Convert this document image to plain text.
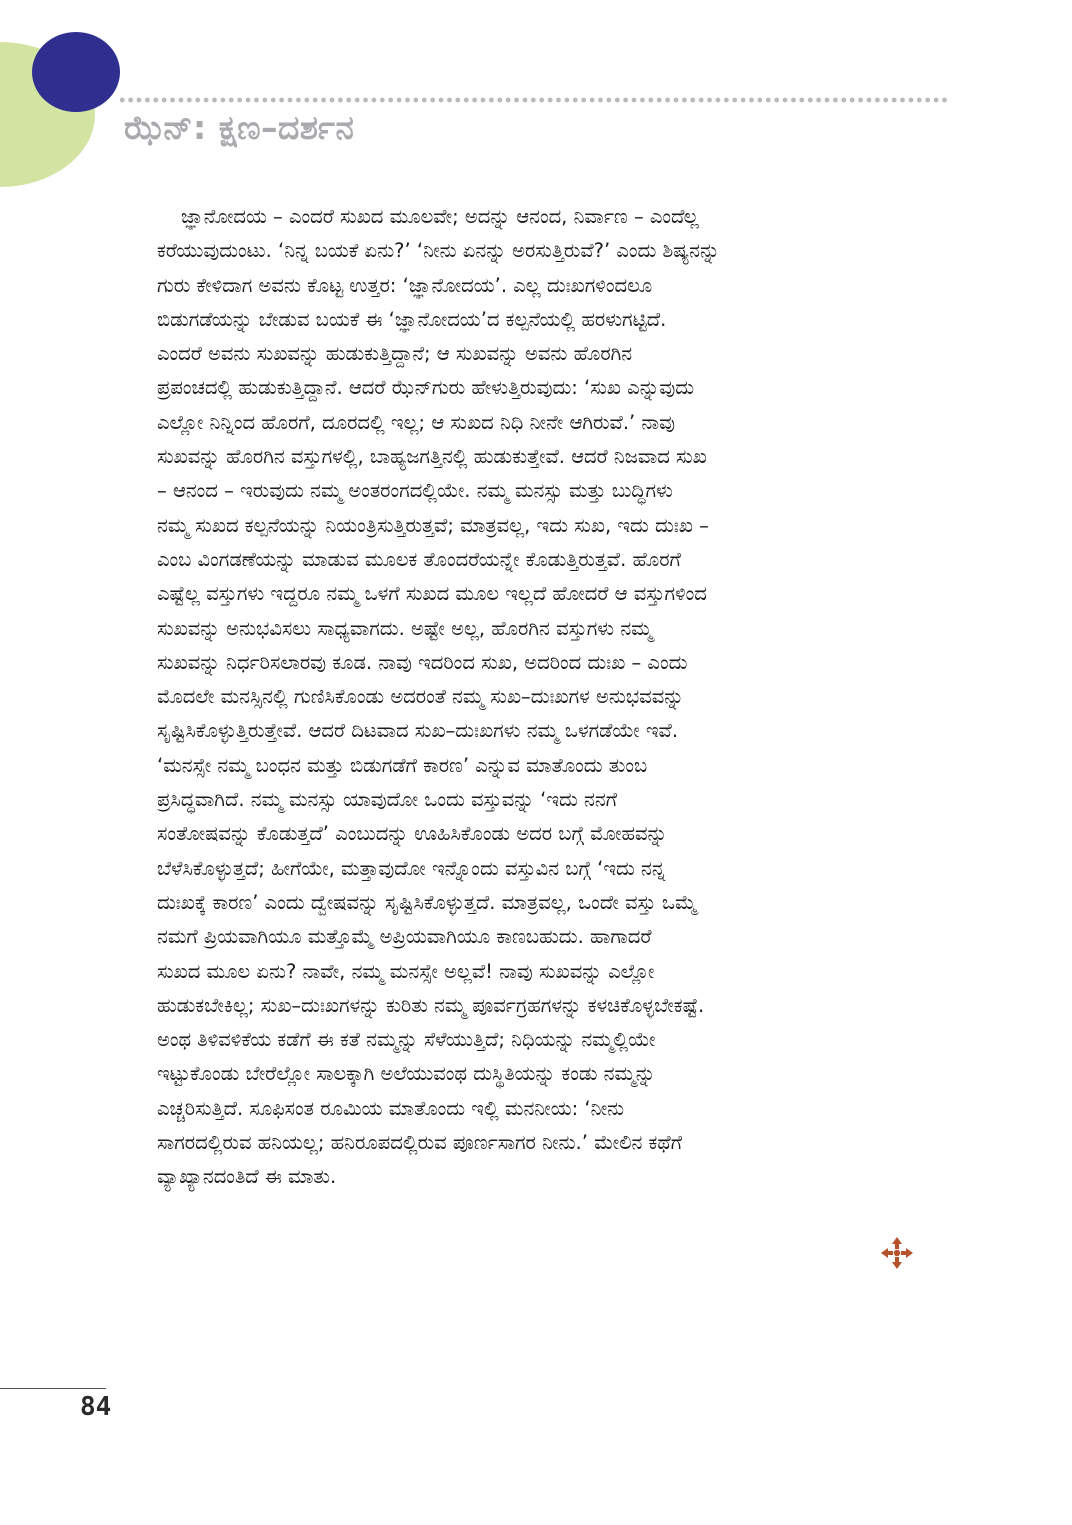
ಝೆನ್‌: ಕ್ಷಣ–ದರ್ಶನ
ಜ್ಞಾನೋದಯ – ಎಂದರೆ ಸುಖದ ಮೂಲವೇ; ಅದನ್ನು ಆನಂದ, ನಿರ್ವಾಣ – ಎಂದೆಲ್ಲ
ಕರೆಯುವುದುಂಟು. ‘ನಿನ್ನ ಬಯಕೆ ಏನು?’ ‘ನೀನು ಏನನ್ನು ಅರಸುತ್ತಿರುವೆ?’ ಎಂದು ಶಿಷ್ಯನನ್ನು
ಗುರು ಕೇಳಿದಾಗ ಅವನು ಕೊಟ್ಟ ಉತ್ತರ: ‘ಜ್ಞಾನೋದಯ’. ಎಲ್ಲ ದುಃಖಗಳಿಂದಲೂ
ಬಿಡುಗಡೆಯನ್ನು ಬೇಡುವ ಬಯಕೆ ಈ ‘ಜ್ಞಾನೋದಯ’ದ ಕಲ್ಪನೆಯಲ್ಲಿ ಹರಳುಗಟ್ಟಿದೆ.
ಎಂದರೆ ಅವನು ಸುಖವನ್ನು ಹುಡುಕುತ್ತಿದ್ದಾನೆ; ಆ ಸುಖವನ್ನು ಅವನು ಹೊರಗಿನ
ಪ್ರಪಂಚದಲ್ಲಿ ಹುಡುಕುತ್ತಿದ್ದಾನೆ. ಆದರೆ ಝೆನ್‌ಗುರು ಹೇಳುತ್ತಿರುವುದು: ‘ಸುಖ ಎನ್ನುವುದು
ಎಲ್ಲೋ ನಿನ್ನಿಂದ ಹೊರಗೆ, ದೂರದಲ್ಲಿ ಇಲ್ಲ; ಆ ಸುಖದ ನಿಧಿ ನೀನೇ ಆಗಿರುವೆ.’ ನಾವು
ಸುಖವನ್ನು ಹೊರಗಿನ ವಸ್ತುಗಳಲ್ಲಿ, ಬಾಹ್ಯಜಗತ್ತಿನಲ್ಲಿ ಹುಡುಕುತ್ತೇವೆ. ಆದರೆ ನಿಜವಾದ ಸುಖ
– ಆನಂದ – ಇರುವುದು ನಮ್ಮ ಅಂತರಂಗದಲ್ಲಿಯೇ. ನಮ್ಮ ಮನಸ್ಸು ಮತ್ತು ಬುದ್ಧಿಗಳು
ನಮ್ಮ ಸುಖದ ಕಲ್ಪನೆಯನ್ನು ನಿಯಂತ್ರಿಸುತ್ತಿರುತ್ತವೆ; ಮಾತ್ರವಲ್ಲ, ಇದು ಸುಖ, ಇದು ದುಃಖ –
ಎಂಬ ವಿಂಗಡಣೆಯನ್ನು ಮಾಡುವ ಮೂಲಕ ತೊಂದರೆಯನ್ನೇ ಕೊಡುತ್ತಿರುತ್ತವೆ. ಹೊರಗೆ
ಎಷ್ಟೆಲ್ಲ ವಸ್ತುಗಳು ಇದ್ದರೂ ನಮ್ಮ ಒಳಗೆ ಸುಖದ ಮೂಲ ಇಲ್ಲದೆ ಹೋದರೆ ಆ ವಸ್ತುಗಳಿಂದ
ಸುಖವನ್ನು ಅನುಭವಿಸಲು ಸಾಧ್ಯವಾಗದು. ಅಷ್ಟೇ ಅಲ್ಲ, ಹೊರಗಿನ ವಸ್ತುಗಳು ನಮ್ಮ
ಸುಖವನ್ನು ನಿರ್ಧರಿಸಲಾರವು ಕೂಡ. ನಾವು ಇದರಿಂದ ಸುಖ, ಅದರಿಂದ ದುಃಖ – ಎಂದು
ಮೊದಲೇ ಮನಸ್ಸಿನಲ್ಲಿ ಗುಣಿಸಿಕೊಂಡು ಅದರಂತೆ ನಮ್ಮ ಸುಖ–ದುಃಖಗಳ ಅನುಭವವನ್ನು
ಸೃಷ್ಟಿಸಿಕೊಳ್ಳುತ್ತಿರುತ್ತೇವೆ. ಆದರೆ ದಿಟವಾದ ಸುಖ–ದುಃಖಗಳು ನಮ್ಮ ಒಳಗಡೆಯೇ ಇವೆ.
‘ಮನಸ್ಸೇ ನಮ್ಮ ಬಂಧನ ಮತ್ತು ಬಿಡುಗಡೆಗೆ ಕಾರಣ’ ಎನ್ನುವ ಮಾತೊಂದು ತುಂಬ
ಪ್ರಸಿದ್ಧವಾಗಿದೆ. ನಮ್ಮ ಮನಸ್ಸು ಯಾವುದೋ ಒಂದು ವಸ್ತುವನ್ನು ‘ಇದು ನನಗೆ
ಸಂತೋಷವನ್ನು ಕೊಡುತ್ತದೆ’ ಎಂಬುದನ್ನು ಊಹಿಸಿಕೊಂಡು ಅದರ ಬಗ್ಗೆ ಮೋಹವನ್ನು
ಬೆಳೆಸಿಕೊಳ್ಳುತ್ತದೆ; ಹೀಗೆಯೇ, ಮತ್ತಾವುದೋ ಇನ್ನೊಂದು ವಸ್ತುವಿನ ಬಗ್ಗೆ ‘ಇದು ನನ್ನ
ದುಃಖಕ್ಕೆ ಕಾರಣ’ ಎಂದು ದ್ವೇಷವನ್ನು ಸೃಷ್ಟಿಸಿಕೊಳ್ಳುತ್ತದೆ. ಮಾತ್ರವಲ್ಲ, ಒಂದೇ ವಸ್ತು ಒಮ್ಮೆ
ನಮಗೆ ಪ್ರಿಯವಾಗಿಯೂ ಮತ್ತೊಮ್ಮೆ ಅಪ್ರಿಯವಾಗಿಯೂ ಕಾಣಬಹುದು. ಹಾಗಾದರೆ
ಸುಖದ ಮೂಲ ಏನು? ನಾವೇ, ನಮ್ಮ ಮನಸ್ಸೇ ಅಲ್ಲವೆ! ನಾವು ಸುಖವನ್ನು ಎಲ್ಲೋ
ಹುಡುಕಬೇಕಿಲ್ಲ; ಸುಖ–ದುಃಖಗಳನ್ನು ಕುರಿತು ನಮ್ಮ ಪೂರ್ವಗ್ರಹಗಳನ್ನು ಕಳಚಿಕೊಳ್ಳಬೇಕಷ್ಟೆ.
ಅಂಥ ತಿಳಿವಳಿಕೆಯ ಕಡೆಗೆ ಈ ಕತೆ ನಮ್ಮನ್ನು ಸೆಳೆಯುತ್ತಿದೆ; ನಿಧಿಯನ್ನು ನಮ್ಮಲ್ಲಿಯೇ
ಇಟ್ಟುಕೊಂಡು ಬೇರೆಲ್ಲೋ ಸಾಲಕ್ಕಾಗಿ ಅಲೆಯುವಂಥ ದುಸ್ಥಿತಿಯನ್ನು ಕಂಡು ನಮ್ಮನ್ನು
ಎಚ್ಚರಿಸುತ್ತಿದೆ. ಸೂಫಿಸಂತ ರೂಮಿಯ ಮಾತೊಂದು ಇಲ್ಲಿ ಮನನೀಯ: ‘ನೀನು
ಸಾಗರದಲ್ಲಿರುವ ಹನಿಯಲ್ಲ; ಹನಿರೂಪದಲ್ಲಿರುವ ಪೂರ್ಣಸಾಗರ ನೀನು.’ ಮೇಲಿನ ಕಥೆಗೆ
ವ್ಯಾಖ್ಯಾನದಂತಿದೆ ಈ ಮಾತು.
84
